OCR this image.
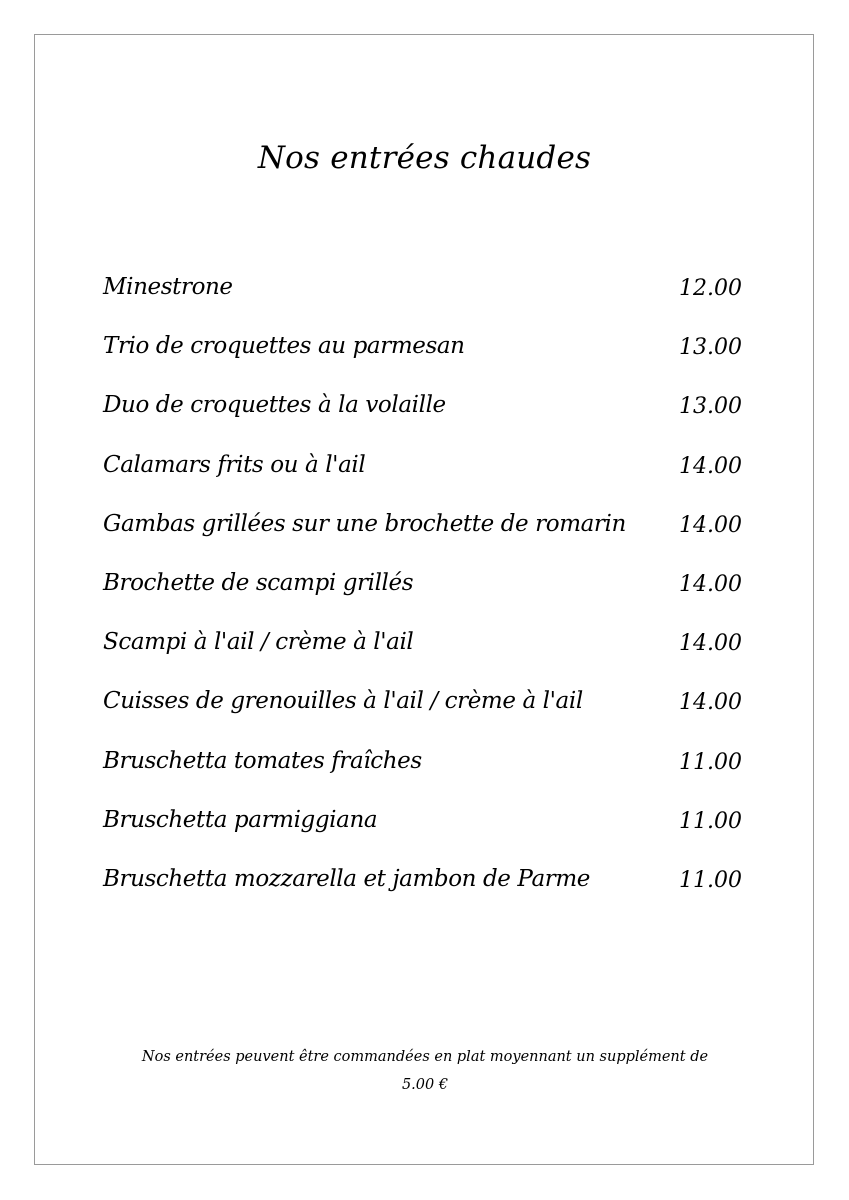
Nos entrées chaudes
Minestrone	12.00
Trio de croquettes au parmesan	13.00
Duo de croquettes à la volaille	13.00
Calamars frits ou à l'ail	14.00
Gambas grillées sur une brochette de romarin 14.00
Brochette de scampi grillés	14.00
Scampi à l'ail / crème à l'ail	14.00
Cuisses de grenouilles à l'ail / crème à l'ail	14.00
Bruschetta tomates fraîches	11.00
Bruschetta parmiggiana	11.00
Bruschetta mozzarella et jambon de Parme	11.00
Nos entrées peuvent être commandées en plat moyennant un supplément de
5.00 €
